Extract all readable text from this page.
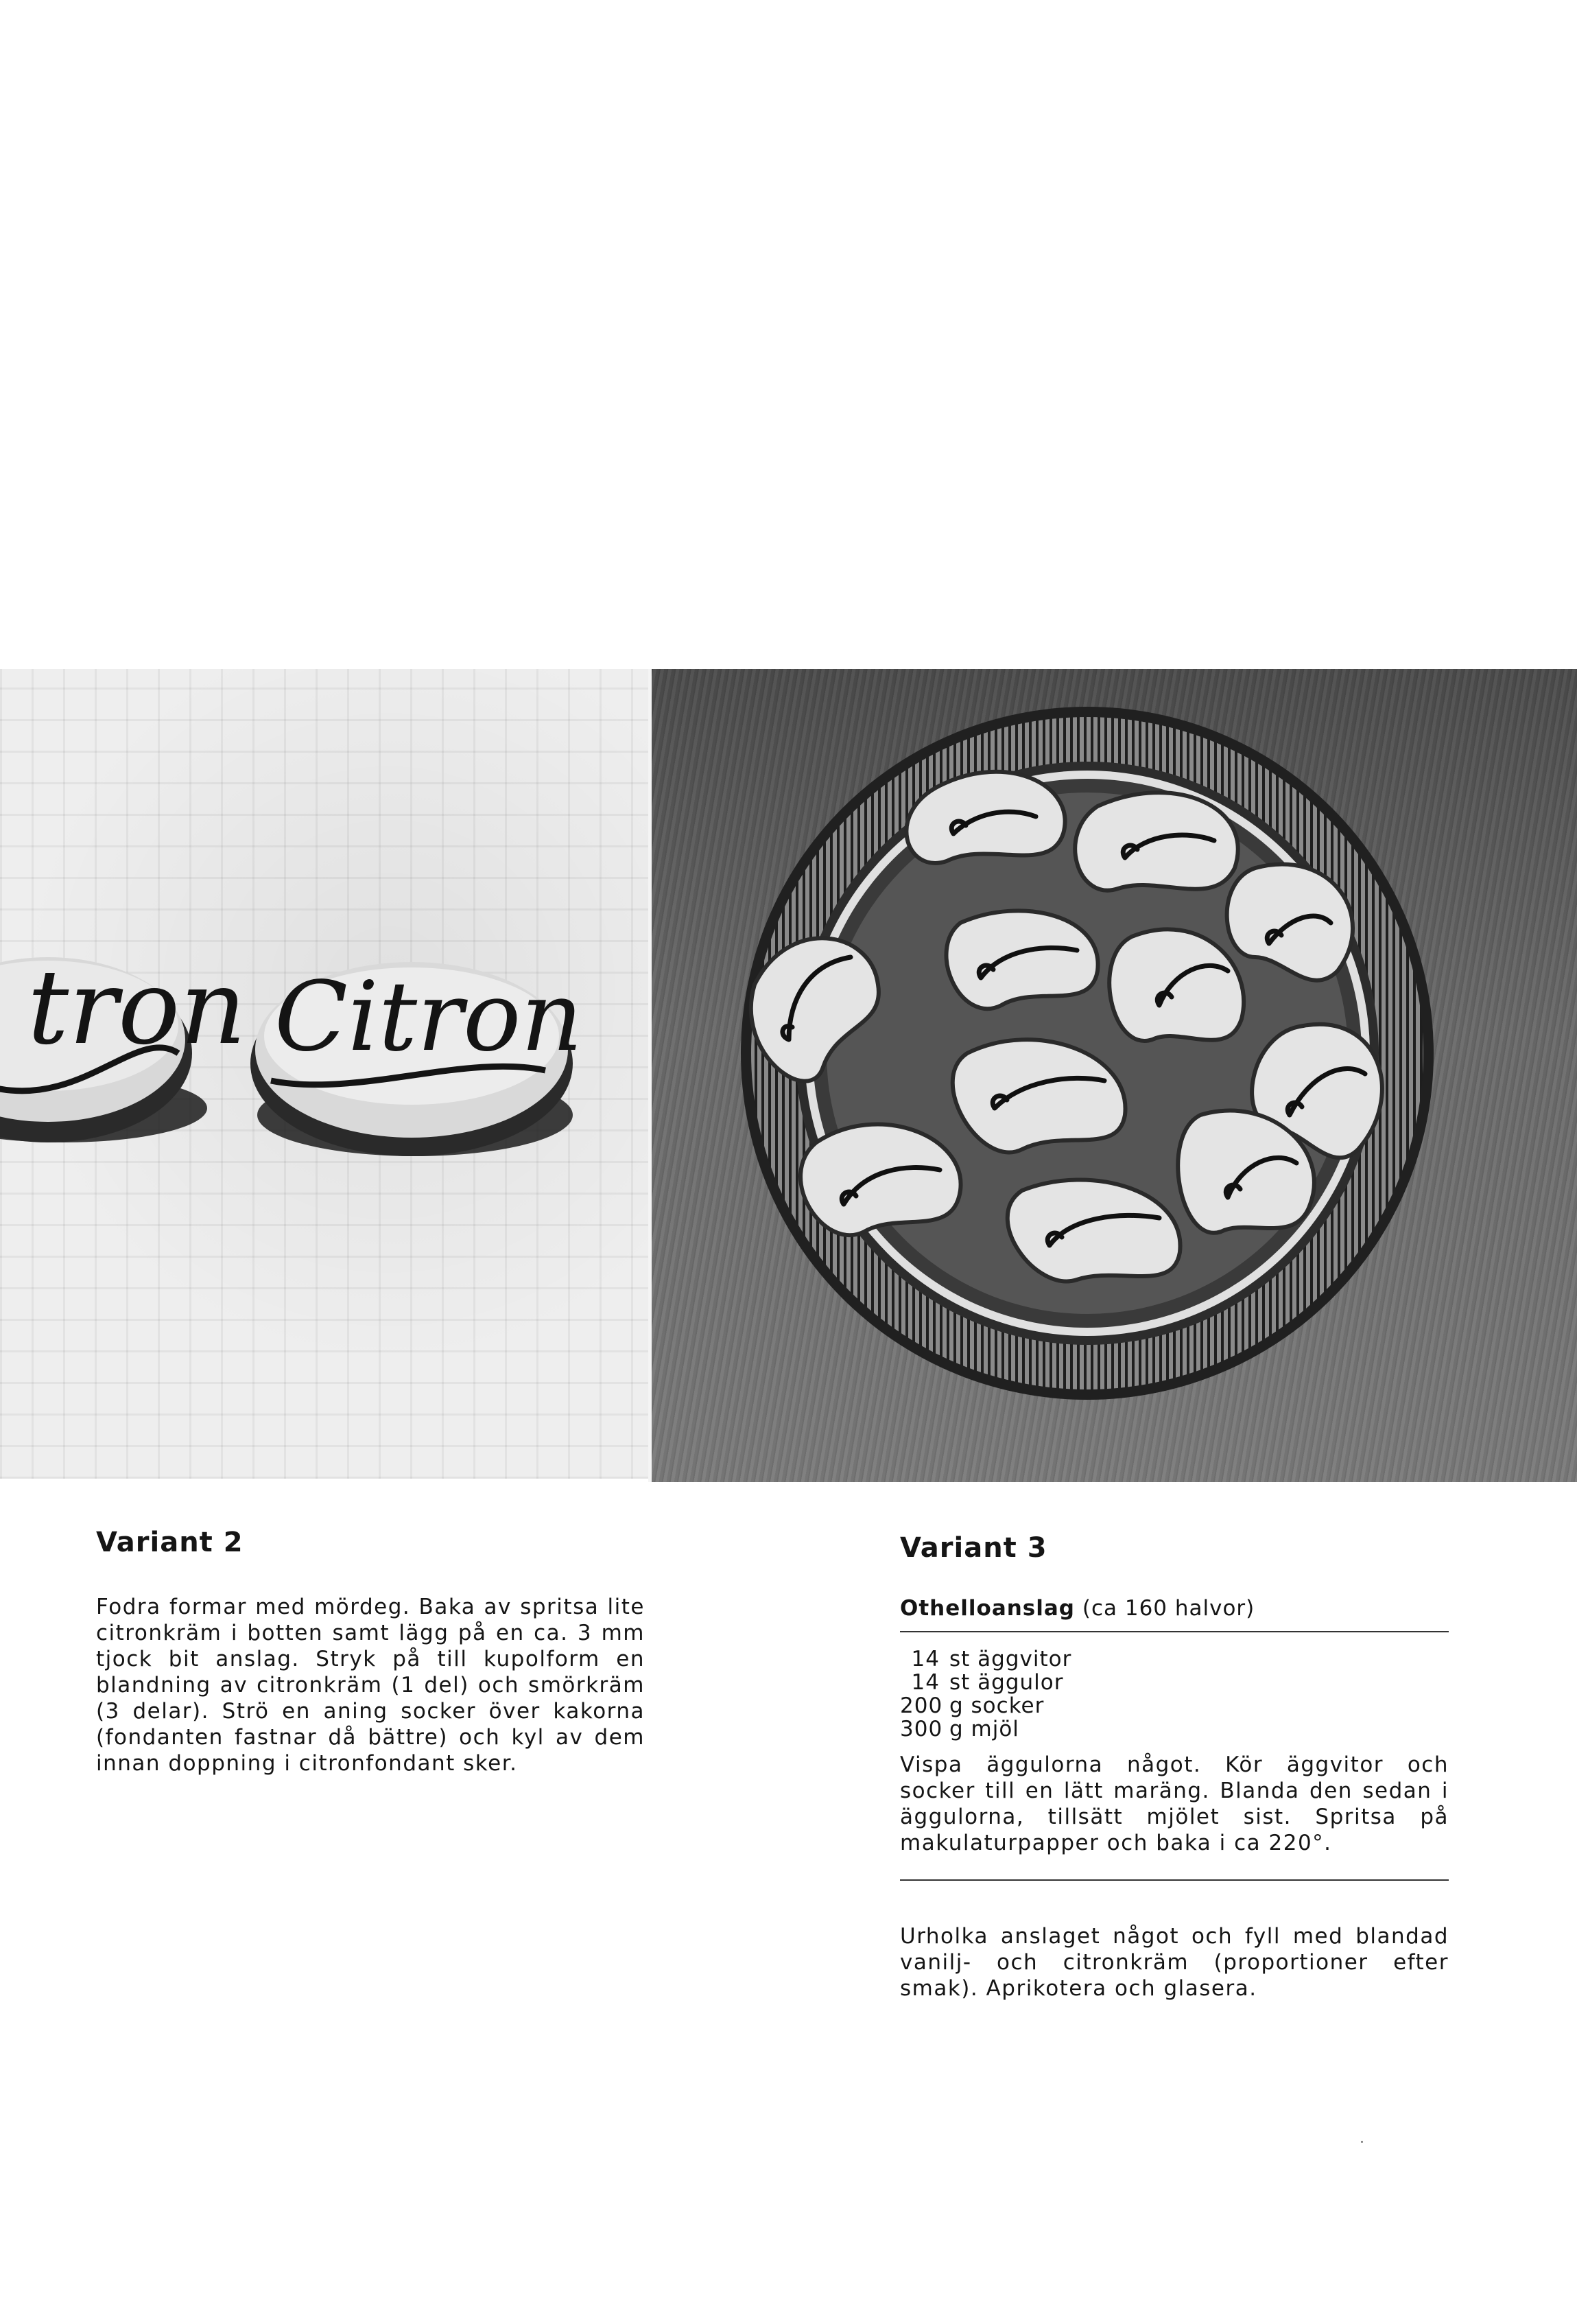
tron Citron
Variant 2

Fodra formar med mördeg. Baka av spritsa lite citronkräm i botten samt lägg på en ca. 3 mm tjock bit anslag. Stryk på till kupolform en blandning av citronkräm (1 del) och smörkräm (3 delar). Strö en aning socker över kakorna (fondanten fastnar då bättre) och kyl av dem innan doppning i citronfondant sker.

Variant 3

Othelloanslag (ca 160 halvor)

14 st äggvitor
14 st äggulor
200 g socker
300 g mjöl

Vispa äggulorna något. Kör äggvitor och socker till en lätt maräng. Blanda den sedan i äggulorna, tillsätt mjölet sist. Spritsa på makulaturpapper och baka i ca 220°.

Urholka anslaget något och fyll med blandad vanilj- och citronkräm (proportioner efter smak). Aprikotera och glasera.
